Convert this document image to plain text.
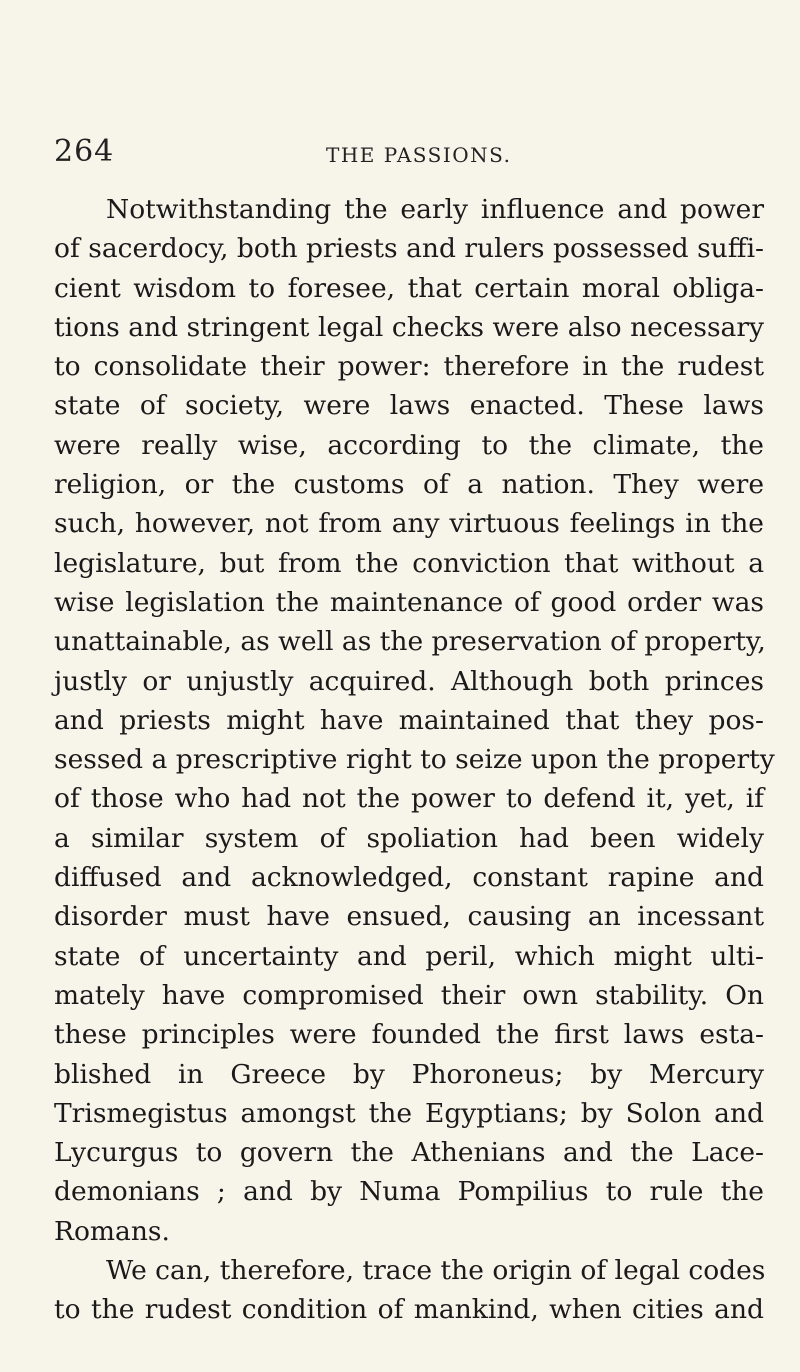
264	THE PASSIONS.
Notwithstanding the early influence and power
of sacerdocy, both priests and rulers possessed suffi-
cient wisdom to foresee, that certain moral obliga-
tions and stringent legal checks were also necessary
to consolidate their power: therefore in the rudest
state of society, were laws enacted. These laws
were really wise, according to the climate, the
religion, or the customs of a nation. They were
such, however, not from any virtuous feelings in the
legislature, but from the conviction that without a
wise legislation the maintenance of good order was
unattainable, as well as the preservation of property,
justly or unjustly acquired. Although both princes
and priests might have maintained that they pos-
sessed a prescriptive right to seize upon the property
of those who had not the power to defend it, yet, if
a similar system of spoliation had been widely
diffused and acknowledged, constant rapine and
disorder must have ensued, causing an incessant
state of uncertainty and peril, which might ulti-
mately have compromised their own stability. On
these principles were founded the first laws esta-
blished in Greece by Phoroneus; by Mercury
Trismegistus amongst the Egyptians; by Solon and
Lycurgus to govern the Athenians and the Lace-
demonians ; and by Numa Pompilius to rule the
Romans.
We can, therefore, trace the origin of legal codes
to the rudest condition of mankind, when cities and
